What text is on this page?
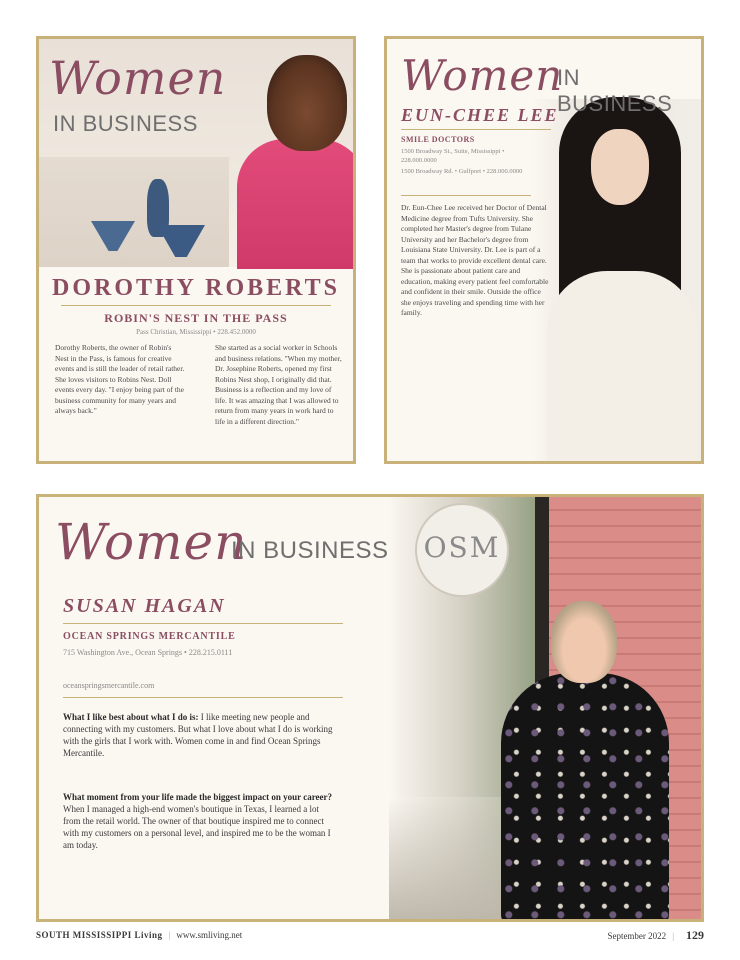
Women
IN BUSINESS
DOROTHY ROBERTS
ROBIN'S NEST IN THE PASS
Pass Christian, Mississippi • 228.452.0000
Dorothy Roberts, the owner of Robin's Nest in the Pass, is famous for creative events and is still the leader of retail rather. She loves visitors to Robins Nest. Doll events every day. "I enjoy being part of the business community for many years and always back."
She started as a social worker in Schools and business relations. "When my mother, Dr. Josephine Roberts, opened my first Robins Nest shop, I originally did that. Business is a reflection and my love of life. It was amazing that I was allowed to return from many years in work hard to life in a different direction."
Women
IN BUSINESS
EUN-CHEE LEE
SMILE DOCTORS
1500 Broadway St., Suite, Mississippi • 228.000.0000
1500 Broadway Rd. • Gulfport • 228.000.0000
Dr. Eun-Chee Lee received her Doctor of Dental Medicine degree from Tufts University. She completed her Master's degree from Tulane University and her Bachelor's degree from Louisiana State University. Dr. Lee is part of a team that works to provide excellent dental care. She is passionate about patient care and education, making every patient feel comfortable and confident in their smile. Outside the office she enjoys traveling and spending time with her family.
OSM
Women
IN BUSINESS
SUSAN HAGAN
OCEAN SPRINGS MERCANTILE
715 Washington Ave., Ocean Springs • 228.215.0111
oceanspringsmercantile.com
What I like best about what I do is: I like meeting new people and connecting with my customers. But what I love about what I do is working with the girls that I work with. Women come in and find Ocean Springs Mercantile.
What moment from your life made the biggest impact on your career? When I managed a high-end women's boutique in Texas, I learned a lot from the retail world. The owner of that boutique inspired me to connect with my customers on a personal level, and inspired me to be the woman I am today.
SOUTH MISSISSIPPI Living | www.smliving.net	September 2022 | 129
